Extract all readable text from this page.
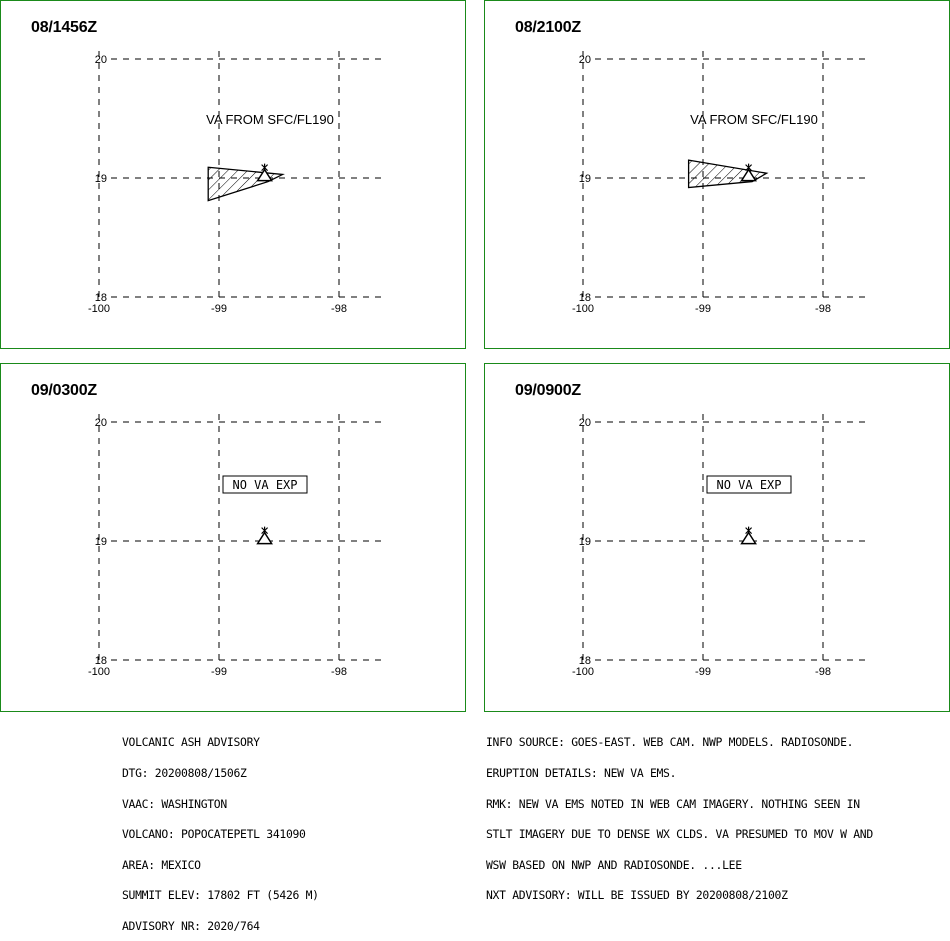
08/1456Z
-100	-99	-98
20
19
18
VA FROM SFC/FL190
08/2100Z
-100	-99	-98
20
19
18
VA FROM SFC/FL190
09/0300Z
-100	-99	-98
20
19
18
NO VA EXP
09/0900Z
-100	-99	-98
20
19
18
NO VA EXP

VOLCANIC ASH ADVISORY

DTG: 20200808/1506Z

VAAC: WASHINGTON

VOLCANO: POPOCATEPETL 341090

AREA: MEXICO

SUMMIT ELEV: 17802 FT (5426 M)

ADVISORY NR: 2020/764

INFO SOURCE: GOES-EAST. WEB CAM. NWP MODELS. RADIOSONDE.

ERUPTION DETAILS: NEW VA EMS.

RMK: NEW VA EMS NOTED IN WEB CAM IMAGERY. NOTHING SEEN IN

STLT IMAGERY DUE TO DENSE WX CLDS. VA PRESUMED TO MOV W AND

WSW BASED ON NWP AND RADIOSONDE. ...LEE

NXT ADVISORY: WILL BE ISSUED BY 20200808/2100Z
